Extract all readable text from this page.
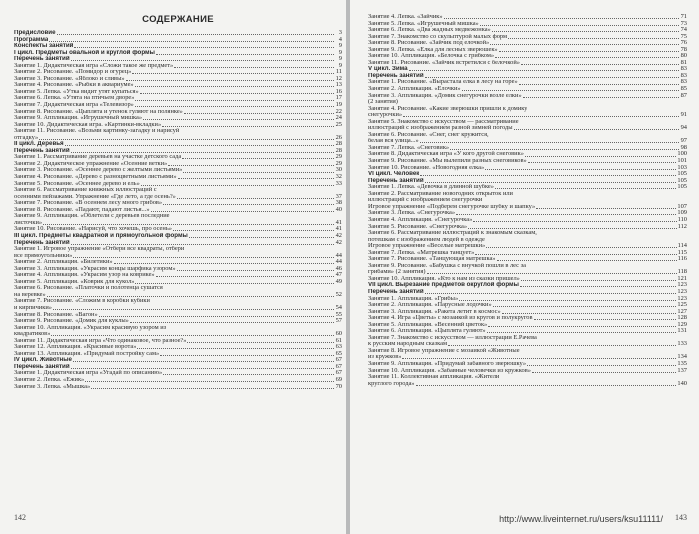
СОДЕРЖАНИЕ
Предисловие	3
Программа	4
Конспекты занятий	9
I цикл. Предметы овальной и круглой формы	9
Перечень занятий	9
Занятие 1. Дидактическая игра «Сложи такое же предмет»	9
Занятие 2. Рисование. «Помидор и огурец»	11
Занятие 3. Рисование. «Яблоко и сливы»	12
Занятие 4. Рисование. «Рыбки в аквариуме»	13
Занятие 5. Лепка. «Утка видит утят купаться»	16
Занятие 6. Лепка. «Утята на птичьем дворе»	17
Занятие 7. Дидактическая игра «Телевизор»	19
Занятие 8. Рисование. «Цыплята и утенок гуляют на полянке»	22
Занятие 9. Аппликация. «Игрушечный мишка»	24
Занятие 10. Дидактическая игра. «Картинки-вкладки»	25
Занятие 11. Рисование. «Возьми картинку-загадку и нарисуй
отгадку»	26
II цикл. Деревья	28
Перечень занятий	28
Занятие 1. Рассматривание деревьев на участке детского сада	29
Занятие 2. Дидактическое упражнение «Осенние ветки»	29
Занятие 3. Рисование. «Осеннее дерево с желтыми листьями»	30
Занятие 4. Рисование. «Дерево с разноцветными листьями»	32
Занятие 5. Рисование. «Осеннее дерево и ель»	33
Занятие 6. Рассматривание книжных иллюстраций с
осенними пейзажами. Упражнение «Где лето, а где осень?»	37
Занятие 7. Рисование. «В осеннем лесу много грибов»	38
Занятие 8. Рисование. «Падают, падают листья...»	40
Занятие 9. Аппликация. «Облетели с деревьев последние
листочки»	41
Занятие 10. Рисование. «Нарисуй, что хочешь, про осень»	41
III цикл. Предметы квадратной и прямоугольной формы	42
Перечень занятий	42
Занятие 1. Игровое упражнение «Отбери все квадраты, отбери
все прямоугольники»	44
Занятие 2. Аппликация. «Билетики»	44
Занятие 3. Аппликация. «Украсим концы шарфика узором»	46
Занятие 4. Аппликация. «Украсим узор на коврике»	47
Занятие 5. Аппликация. «Коврик для кукол»	49
Занятие 6. Рисование. «Платочки и полотенца сушатся
на веревке»	52
Занятие 7. Рисование. «Сложим в коробки кубики
и кирпичики»	54
Занятие 8. Рисование. «Вагон»	55
Занятие 9. Рисование. «Домик для куклы»	57
Занятие 10. Аппликация. «Украсим красивую узором из
квадратиков»	60
Занятие 11. Дидактическая игра «Что одинаковое, что разное?»	61
Занятие 12. Аппликация. «Красивые ворота»	63
Занятие 13. Аппликация. «Придумай постройку сам»	65
IV цикл. Животные	67
Перечень занятий	67
Занятие 1. Дидактическая игра «Угадай по описанию»	67
Занятие 2. Лепка. «Ежик»	69
Занятие 3. Лепка. «Мышка»	70
142
Занятие 4. Лепка. «Зайчик»	71
Занятие 5. Лепка. «Игрушечный мишка»	73
Занятие 6. Лепка. «Два жадных медвежонка»	74
Занятие 7. Знакомство со скульптурой малых форм	75
Занятие 8. Рисование. «Зайчик под елочкой»	76
Занятие 9. Лепка. «Елка для лесных зверюшек»	78
Занятие 10. Аппликация. «Белочка с грибком»	80
Занятие 11. Рисование. «Зайчик встретился с белочкой»	81
V цикл. Зима	83
Перечень занятий	83
Занятие 1. Рисование. «Вырастала елка в лесу на горе»	83
Занятие 2. Аппликация. «Елочки»	85
Занятие 3. Аппликация. «Домик снегурочки возле елки»	87
(2 занятия)
Занятие 4. Рисование. «Какие зверюшки пришли к домику
снегурочки»	91
Занятие 5. Знакомство с искусством — рассматривание
иллюстраций с изображением разной зимней погоды	94
Занятие 6. Рисование. «Снег, снег кружится,
белая вся улица...»	97
Занятие 7. Лепка. «Снеговик»	98
Занятие 8. Дидактическая игра «У кого другой снеговик»	100
Занятие 9. Рисование. «Мы вылепили разных снеговиков»	101
Занятие 10. Рисование. «Новогодняя елка»	103
VI цикл. Человек	105
Перечень занятий	105
Занятие 1. Лепка. «Девочка в длинной шубке»	105
Занятие 2. Рассматривание новогодних открыток или
иллюстраций с изображением снегурочки
Игровое упражнение «Подберем снегурочке шубку и шапку»	107
Занятие 3. Лепка. «Снегурочка»	109
Занятие 4. Аппликация. «Снегурочка»	110
Занятие 5. Рисование. «Снегурочка»	112
Занятие 6. Рассматривание иллюстраций к знакомым сказкам,
потешкам с изображением людей в одежде
Игровое упражнение «Веселые матрешки»	114
Занятие 7. Лепка. «Матрешка танцует»	115
Занятие 7. Рисование. «Танцующая матрешка»	116
Занятие 9. Рисование. «Бабушка с внучкой пошли в лес за
грибами» (2 занятия)	118
Занятие 10. Аппликация. «Кто к нам из сказки пришел»	121
VII цикл. Вырезание предметов округлой формы	123
Перечень занятий	123
Занятие 1. Аппликация. «Грибы»	123
Занятие 2. Аппликация. «Парусные лодочки»	125
Занятие 3. Аппликация. «Ракета летит в космос»	127
Занятие 4. Игра «Цветы» с мозаикой из кругов и полукругов	128
Занятие 5. Аппликация. «Весенний цветок»	129
Занятие 6. Аппликация. «Цыплята гуляют»	131
Занятие 7. Знакомство с искусством — иллюстрации Е.Рачева
к русским народным сказкам	133
Занятие 8. Игровое упражнение с мозаикой «Животные
из кружков»	134
Занятие 9. Аппликация. «Придумай забавного зверюшку»	135
Занятие 10. Аппликация. «Забавные человечки из кружков»	137
Занятие 11. Коллективная аппликация. «Жители
круглого города»	140
http://www.liveinternet.ru/users/ksu11111/ 143
